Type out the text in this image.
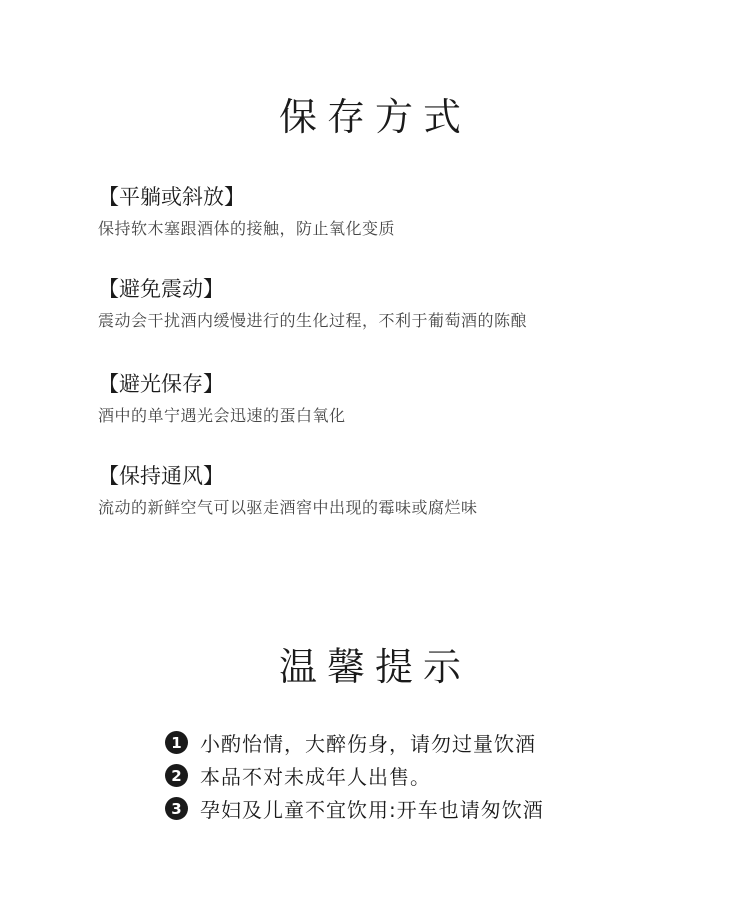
保存方式
【平躺或斜放】
保持软木塞跟酒体的接触，防止氧化变质
【避免震动】
震动会干扰酒内缓慢进行的生化过程，不利于葡萄酒的陈酿
【避光保存】
酒中的单宁遇光会迅速的蛋白氧化
【保持通风】
流动的新鲜空气可以驱走酒窖中出现的霉味或腐烂味
温馨提示
1 小酌怡情，大醉伤身，请勿过量饮酒
2 本品不对未成年人出售。
3 孕妇及儿童不宜饮用:开车也请匆饮酒
